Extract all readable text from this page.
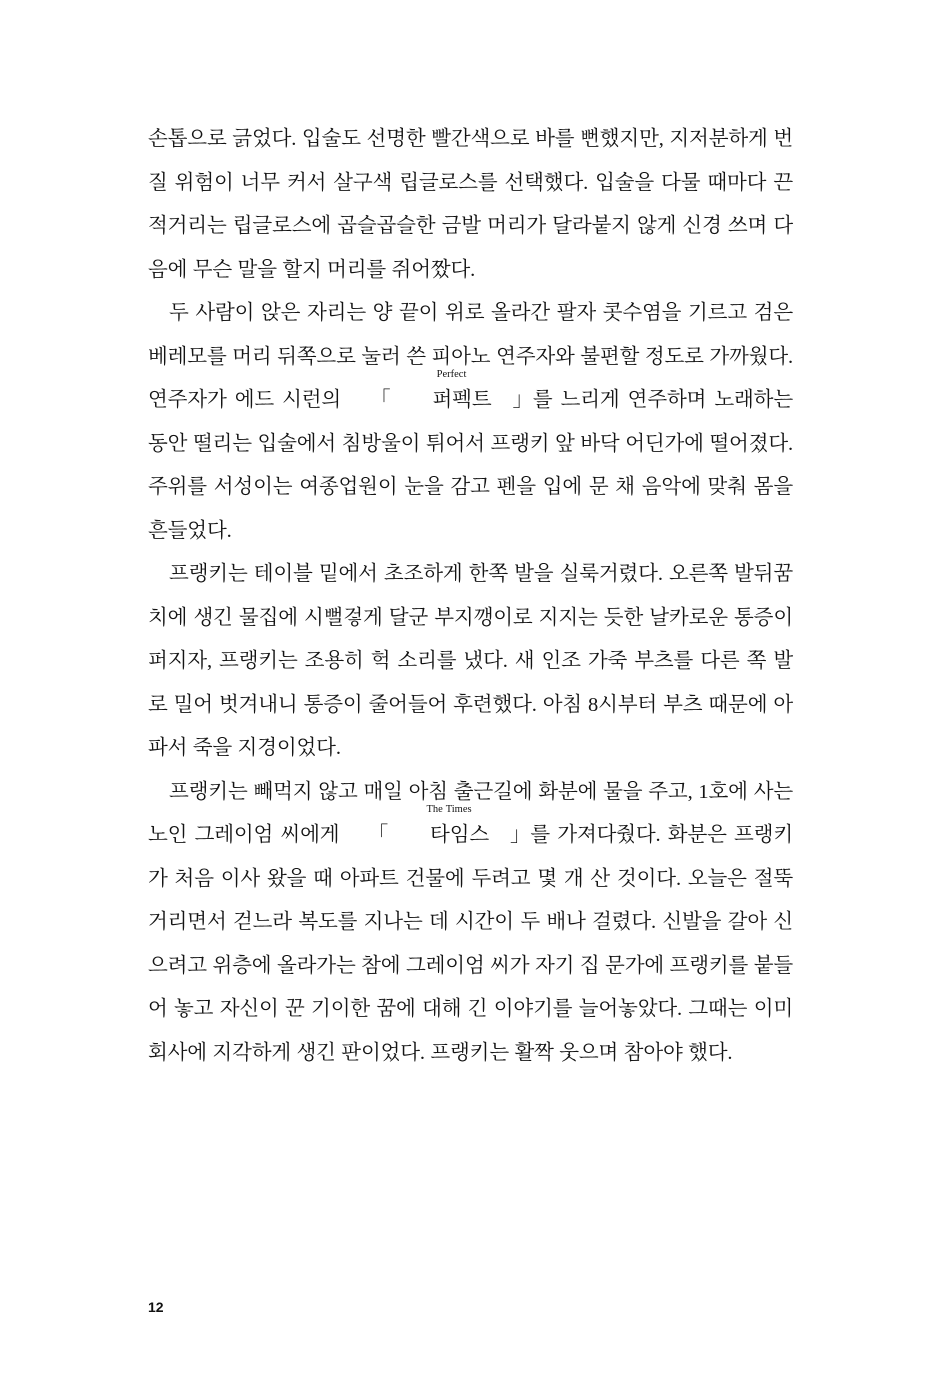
손톱으로 긁었다. 입술도 선명한 빨간색으로 바를 뻔했지만, 지저분하게 번질 위험이 너무 커서 살구색 립글로스를 선택했다. 입술을 다물 때마다 끈적거리는 립글로스에 곱슬곱슬한 금발 머리가 달라붙지 않게 신경 쓰며 다음에 무슨 말을 할지 머리를 쥐어짰다.

두 사람이 앉은 자리는 양 끝이 위로 올라간 팔자 콧수염을 기르고 검은 베레모를 머리 뒤쪽으로 눌러 쓴 피아노 연주자와 불편할 정도로 가까웠다. 연주자가 에드 시런의 「
Perfect
퍼펙트 」를 느리게 연주하며 노래하는 동안 떨리는 입술에서 침방울이 튀어서 프랭키 앞 바닥 어딘가에 떨어졌다. 주위를 서성이는 여종업원이 눈을 감고 펜을 입에 문 채 음악에 맞춰 몸을 흔들었다.

프랭키는 테이블 밑에서 초조하게 한쪽 발을 실룩거렸다. 오른쪽 발뒤꿈치에 생긴 물집에 시뻘겋게 달군 부지깽이로 지지는 듯한 날카로운 통증이 퍼지자, 프랭키는 조용히 헉 소리를 냈다. 새 인조 가죽 부츠를 다른 쪽 발로 밀어 벗겨내니 통증이 줄어들어 후련했다. 아침 8시부터 부츠 때문에 아파서 죽을 지경이었다.

프랭키는 빼먹지 않고 매일 아침 출근길에 화분에 물을 주고, 1호에 사는 노인 그레이엄 씨에게 「
The Times
타임스 」를 가져다줬다. 화분은 프랭키가 처음 이사 왔을 때 아파트 건물에 두려고 몇 개 산 것이다. 오늘은 절뚝거리면서 걷느라 복도를 지나는 데 시간이 두 배나 걸렸다. 신발을 갈아 신으려고 위층에 올라가는 참에 그레이엄 씨가 자기 집 문가에 프랭키를 붙들어 놓고 자신이 꾼 기이한 꿈에 대해 긴 이야기를 늘어놓았다. 그때는 이미 회사에 지각하게 생긴 판이었다. 프랭키는 활짝 웃으며 참아야 했다.

12
